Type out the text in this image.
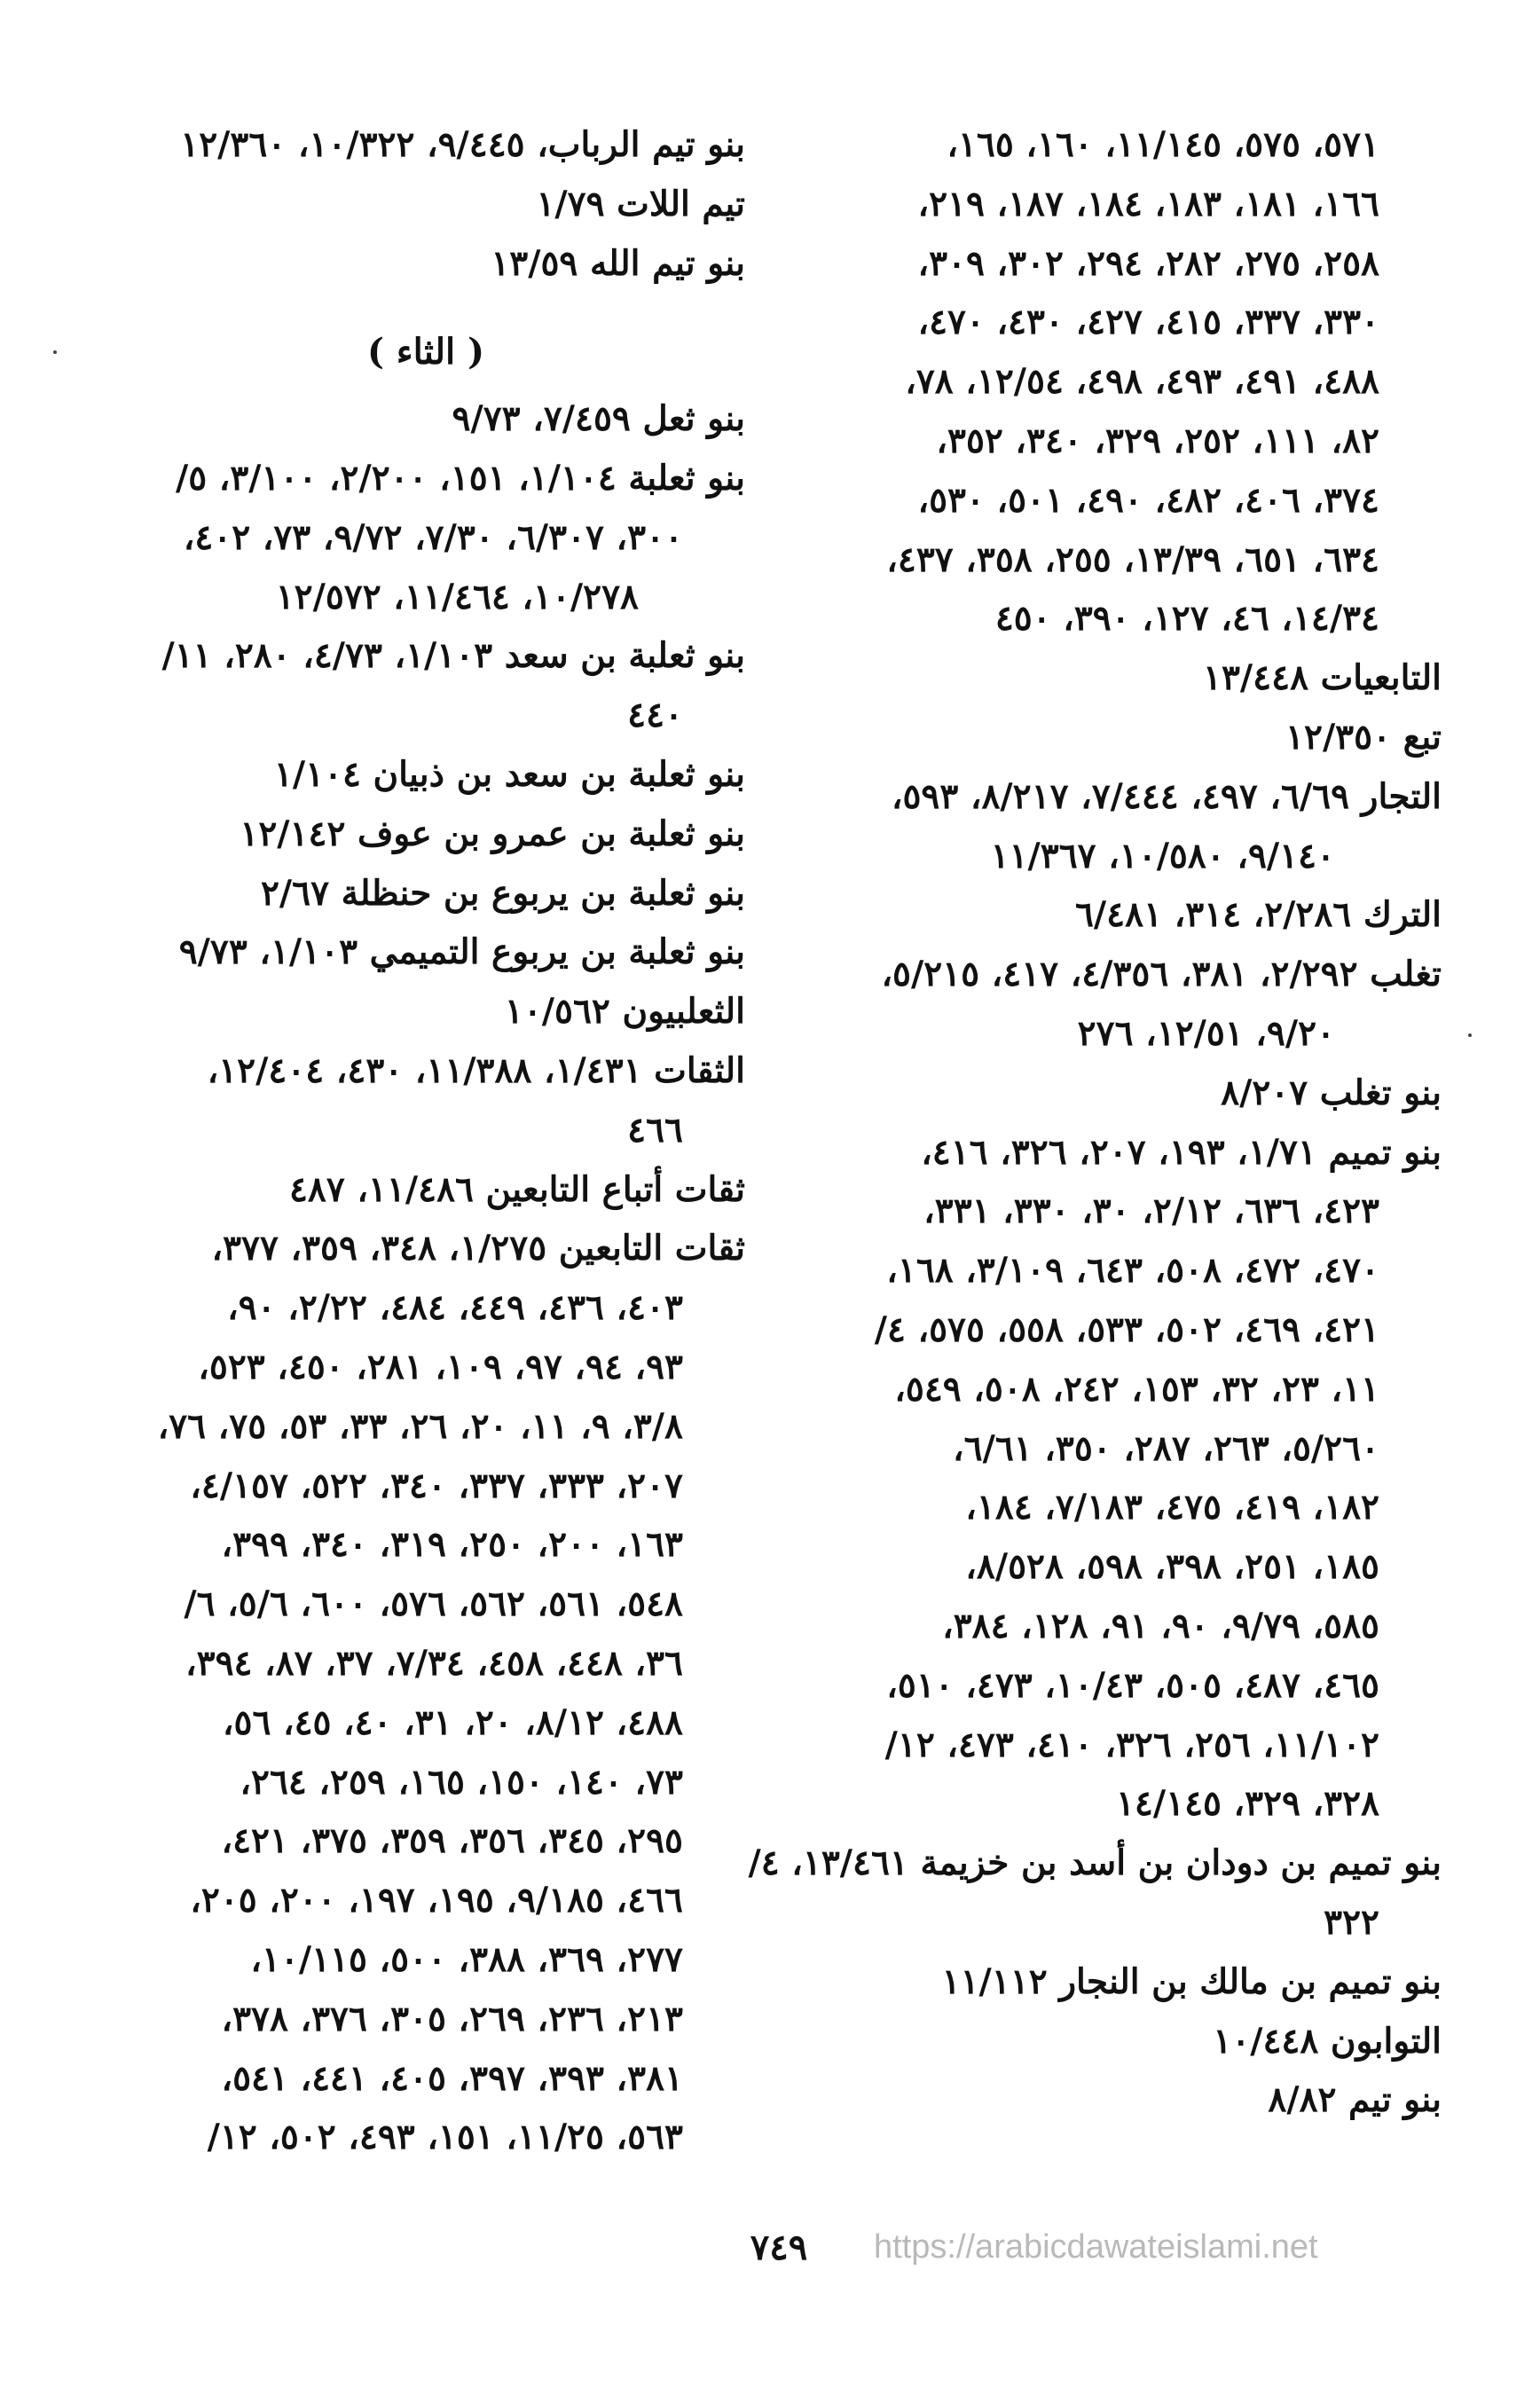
٥٧١، ٥٧٥، ١١/١٤٥، ١٦٠، ١٦٥،
١٦٦، ١٨١، ١٨٣، ١٨٤، ١٨٧، ٢١٩،
٢٥٨، ٢٧٥، ٢٨٢، ٢٩٤، ٣٠٢، ٣٠٩،
٣٣٠، ٣٣٧، ٤١٥، ٤٢٧، ٤٣٠، ٤٧٠،
٤٨٨، ٤٩١، ٤٩٣، ٤٩٨، ١٢/٥٤، ٧٨،
٨٢، ١١١، ٢٥٢، ٣٢٩، ٣٤٠، ٣٥٢،
٣٧٤، ٤٠٦، ٤٨٢، ٤٩٠، ٥٠١، ٥٣٠،
٦٣٤، ٦٥١، ١٣/٣٩، ٢٥٥، ٣٥٨، ٤٣٧،
١٤/٣٤، ٤٦، ١٢٧، ٣٩٠، ٤٥٠
التابعيات ١٣/٤٤٨
تبع ١٢/٣٥٠
التجار ٦/٦٩، ٤٩٧، ٧/٤٤٤، ٨/٢١٧، ٥٩٣،
٩/١٤٠، ١٠/٥٨٠، ١١/٣٦٧
الترك ٢/٢٨٦، ٣١٤، ٦/٤٨١
تغلب ٢/٢٩٢، ٣٨١، ٤/٣٥٦، ٤١٧، ٥/٢١٥،
٩/٢٠، ١٢/٥١، ٢٧٦
بنو تغلب ٨/٢٠٧
بنو تميم ١/٧١، ١٩٣، ٢٠٧، ٣٢٦، ٤١٦،
٤٢٣، ٦٣٦، ٢/١٢، ٣٠، ٣٣٠، ٣٣١،
٤٧٠، ٤٧٢، ٥٠٨، ٦٤٣، ٣/١٠٩، ١٦٨،
٤٢١، ٤٦٩، ٥٠٢، ٥٣٣، ٥٥٨، ٥٧٥، ٤/
١١، ٢٣، ٣٢، ١٥٣، ٢٤٢، ٥٠٨، ٥٤٩،
٥/٢٦٠، ٢٦٣، ٢٨٧، ٣٥٠، ٦/٦١،
١٨٢، ٤١٩، ٤٧٥، ٧/١٨٣، ١٨٤،
١٨٥، ٢٥١، ٣٩٨، ٥٩٨، ٨/٥٢٨،
٥٨٥، ٩/٧٩، ٩٠، ٩١، ١٢٨، ٣٨٤،
٤٦٥، ٤٨٧، ٥٠٥، ١٠/٤٣، ٤٧٣، ٥١٠،
١١/١٠٢، ٢٥٦، ٣٢٦، ٤١٠، ٤٧٣، ١٢/
٣٢٨، ٣٢٩، ١٤/١٤٥
بنو تميم بن دودان بن أسد بن خزيمة ١٣/٤٦١، ٤/
٣٢٢
بنو تميم بن مالك بن النجار ١١/١١٢
التوابون ١٠/٤٤٨
بنو تيم ٨/٨٢
بنو تيم الرباب، ٩/٤٤٥، ١٠/٣٢٢، ١٢/٣٦٠
تيم اللات ١/٧٩
بنو تيم الله ١٣/٥٩
( الثاء )
بنو ثعل ٧/٤٥٩، ٩/٧٣
بنو ثعلبة ١/١٠٤، ١٥١، ٢/٢٠٠، ٣/١٠٠، ٥/
٣٠٠، ٦/٣٠٧، ٧/٣٠، ٩/٧٢، ٧٣، ٤٠٢،
١٠/٢٧٨، ١١/٤٦٤، ١٢/٥٧٢
بنو ثعلبة بن سعد ١/١٠٣، ٤/٧٣، ٢٨٠، ١١/
٤٤٠
بنو ثعلبة بن سعد بن ذبيان ١/١٠٤
بنو ثعلبة بن عمرو بن عوف ١٢/١٤٢
بنو ثعلبة بن يربوع بن حنظلة ٢/٦٧
بنو ثعلبة بن يربوع التميمي ١/١٠٣، ٩/٧٣
الثعلبيون ١٠/٥٦٢
الثقات ١/٤٣١، ١١/٣٨٨، ٤٣٠، ١٢/٤٠٤،
٤٦٦
ثقات أتباع التابعين ١١/٤٨٦، ٤٨٧
ثقات التابعين ١/٢٧٥، ٣٤٨، ٣٥٩، ٣٧٧،
٤٠٣، ٤٣٦، ٤٤٩، ٤٨٤، ٢/٢٢، ٩٠،
٩٣، ٩٤، ٩٧، ١٠٩، ٢٨١، ٤٥٠، ٥٢٣،
٣/٨، ٩، ١١، ٢٠، ٢٦، ٣٣، ٥٣، ٧٥، ٧٦،
٢٠٧، ٣٣٣، ٣٣٧، ٣٤٠، ٥٢٢، ٤/١٥٧،
١٦٣، ٢٠٠، ٢٥٠، ٣١٩، ٣٤٠، ٣٩٩،
٥٤٨، ٥٦١، ٥٦٢، ٥٧٦، ٦٠٠، ٥/٦، ٦/
٣٦، ٤٤٨، ٤٥٨، ٧/٣٤، ٣٧، ٨٧، ٣٩٤،
٤٨٨، ٨/١٢، ٢٠، ٣١، ٤٠، ٤٥، ٥٦،
٧٣، ١٤٠، ١٥٠، ١٦٥، ٢٥٩، ٢٦٤،
٢٩٥، ٣٤٥، ٣٥٦، ٣٥٩، ٣٧٥، ٤٢١،
٤٦٦، ٩/١٨٥، ١٩٥، ١٩٧، ٢٠٠، ٢٠٥،
٢٧٧، ٣٦٩، ٣٨٨، ٥٠٠، ١٠/١١٥،
٢١٣، ٢٣٦، ٢٦٩، ٣٠٥، ٣٧٦، ٣٧٨،
٣٨١، ٣٩٣، ٣٩٧، ٤٠٥، ٤٤١، ٥٤١،
٥٦٣، ١١/٢٥، ١٥١، ٤٩٣، ٥٠٢، ١٢/
٧٤٩	https://arabicdawateislami.net
